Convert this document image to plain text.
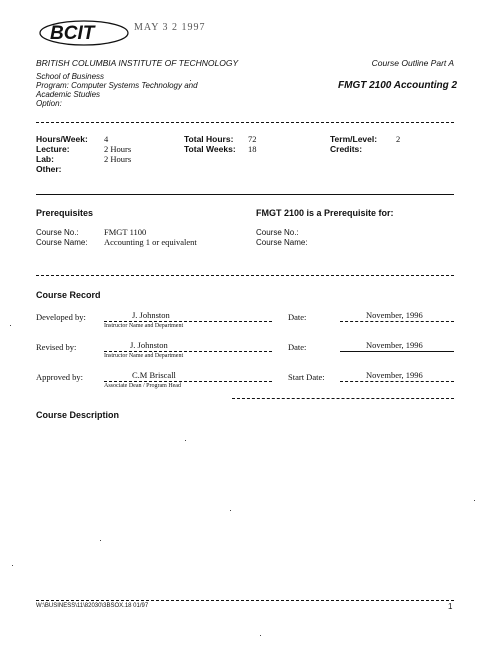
BCIT	MAY 3 2 1997
BRITISH COLUMBIA INSTITUTE OF TECHNOLOGY	Course Outline Part A
School of Business
Program: Computer Systems Technology and
Academic Studies
Option:
FMGT 2100 Accounting 2
Hours/Week: 4
Lecture:	2 Hours
Lab:	2 Hours
Other:
Total Hours: 72
Total Weeks: 18
Term/Level: 2
Credits:
Prerequisites
Course No.:	FMGT 1100
Course Name: Accounting 1 or equivalent
FMGT 2100 is a Prerequisite for:
Course No.:
Course Name:
Course Record
Developed by:	J. Johnston
Instructor Name and Department
Date:	November, 1996
Revised by:	J. Johnston
Instructor Name and Department
Date:	November, 1996
Approved by:	C.M Briscall
Associate Dean / Program Head
Start Date:	November, 1996
Course Description
W:\BUSINESS\11\82030\3BSOX.18 01/97	1
